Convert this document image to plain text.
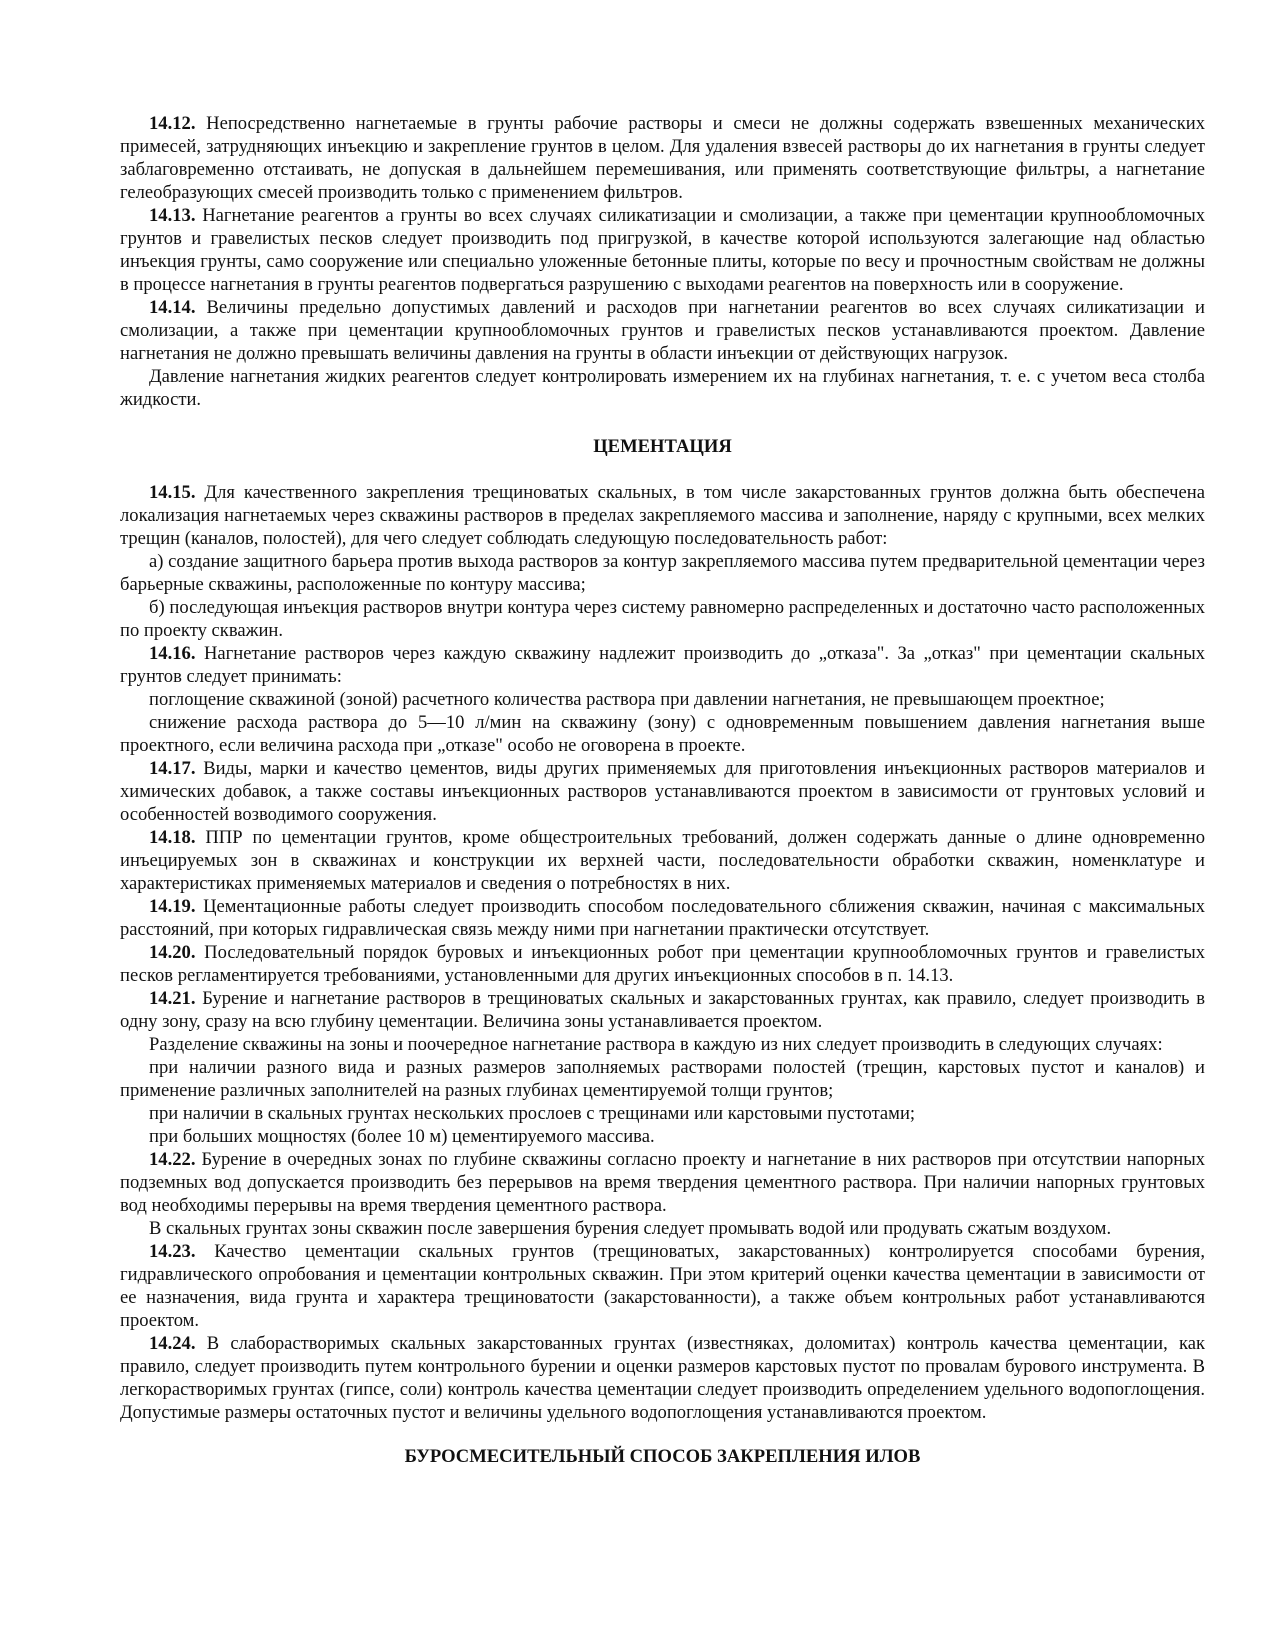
14.12. Непосредственно нагнетаемые в грунты рабочие растворы и смеси не должны содержать взвешенных механических примесей, затрудняющих инъекцию и закрепление грунтов в целом. Для удаления взвесей растворы до их нагнетания в грунты следует заблаговременно отстаивать, не допуская в дальнейшем перемешивания, или применять соответствующие фильтры, а нагнетание гелеобразующих смесей производить только с применением фильтров.

14.13. Нагнетание реагентов а грунты во всех случаях силикатизации и смолизации, а также при цементации крупнообломочных грунтов и гравелистых песков следует производить под пригрузкой, в качестве которой используются залегающие над областью инъекция грунты, само сооружение или специально уложенные бетонные плиты, которые по весу и прочностным свойствам не должны в процессе нагнетания в грунты реагентов подвергаться разрушению с выходами реагентов на поверхность или в сооружение.

14.14. Величины предельно допустимых давлений и расходов при нагнетании реагентов во всех случаях силикатизации и смолизации, а также при цементации крупнообломочных грунтов и гравелистых песков устанавливаются проектом. Давление нагнетания не должно превышать величины давления на грунты в области инъекции от действующих нагрузок.

Давление нагнетания жидких реагентов следует контролировать измерением их на глубинах нагнетания, т. е. с учетом веса столба жидкости.

ЦЕМЕНТАЦИЯ

14.15. Для качественного закрепления трещиноватых скальных, в том числе закарстованных грунтов должна быть обеспечена локализация нагнетаемых через скважины растворов в пределах закрепляемого массива и заполнение, наряду с крупными, всех мелких трещин (каналов, полостей), для чего следует соблюдать следующую последовательность работ:

а) создание защитного барьера против выхода растворов за контур закрепляемого массива путем предварительной цементации через барьерные скважины, расположенные по контуру массива;

б) последующая инъекция растворов внутри контура через систему равномерно распределенных и достаточно часто расположенных по проекту скважин.

14.16. Нагнетание растворов через каждую скважину надлежит производить до „отказа". За „отказ" при цементации скальных грунтов следует принимать:

поглощение скважиной (зоной) расчетного количества раствора при давлении нагнетания, не превышающем проектное;

снижение расхода раствора до 5—10 л/мин на скважину (зону) с одновременным повышением давления нагнетания выше проектного, если величина расхода при „отказе" особо не оговорена в проекте.

14.17. Виды, марки и качество цементов, виды других применяемых для приготовления инъекционных растворов материалов и химических добавок, а также составы инъекционных растворов устанавливаются проектом в зависимости от грунтовых условий и особенностей возводимого сооружения.

14.18. ППР по цементации грунтов, кроме общестроительных требований, должен содержать данные о длине одновременно инъецируемых зон в скважинах и конструкции их верхней части, последовательности обработки скважин, номенклатуре и характеристиках применяемых материалов и сведения о потребностях в них.

14.19. Цементационные работы следует производить способом последовательного сближения скважин, начиная с максимальных расстояний, при которых гидравлическая связь между ними при нагнетании практически отсутствует.

14.20. Последовательный порядок буровых и инъекционных робот при цементации крупнообломочных грунтов и гравелистых песков регламентируется требованиями, установленными для других инъекционных способов в п. 14.13.

14.21. Бурение и нагнетание растворов в трещиноватых скальных и закарстованных грунтах, как правило, следует производить в одну зону, сразу на всю глубину цементации. Величина зоны устанавливается проектом.

Разделение скважины на зоны и поочередное нагнетание раствора в каждую из них следует производить в следующих случаях:

при наличии разного вида и разных размеров заполняемых растворами полостей (трещин, карстовых пустот и каналов) и применение различных заполнителей на разных глубинах цементируемой толщи грунтов;

при наличии в скальных грунтах нескольких прослоев с трещинами или карстовыми пустотами;

при больших мощностях (более 10 м) цементируемого массива.

14.22. Бурение в очередных зонах по глубине скважины согласно проекту и нагнетание в них растворов при отсутствии напорных подземных вод допускается производить без перерывов на время твердения цементного раствора. При наличии напорных грунтовых вод необходимы перерывы на время твердения цементного раствора.

В скальных грунтах зоны скважин после завершения бурения следует промывать водой или продувать сжатым воздухом.

14.23. Качество цементации скальных грунтов (трещиноватых, закарстованных) контролируется способами бурения, гидравлического опробования и цементации контрольных скважин. При этом критерий оценки качества цементации в зависимости от ее назначения, вида грунта и характера трещиноватости (закарстованности), а также объем контрольных работ устанавливаются проектом.

14.24. В слаборастворимых скальных закарстованных грунтах (известняках, доломитах) контроль качества цементации, как правило, следует производить путем контрольного бурении и оценки размеров карстовых пустот по провалам бурового инструмента. В легкорастворимых грунтах (гипсе, соли) контроль качества цементации следует производить определением удельного водопоглощения. Допустимые размеры остаточных пустот и величины удельного водопоглощения устанавливаются проектом.

БУРОСМЕСИТЕЛЬНЫЙ СПОСОБ ЗАКРЕПЛЕНИЯ ИЛОВ
